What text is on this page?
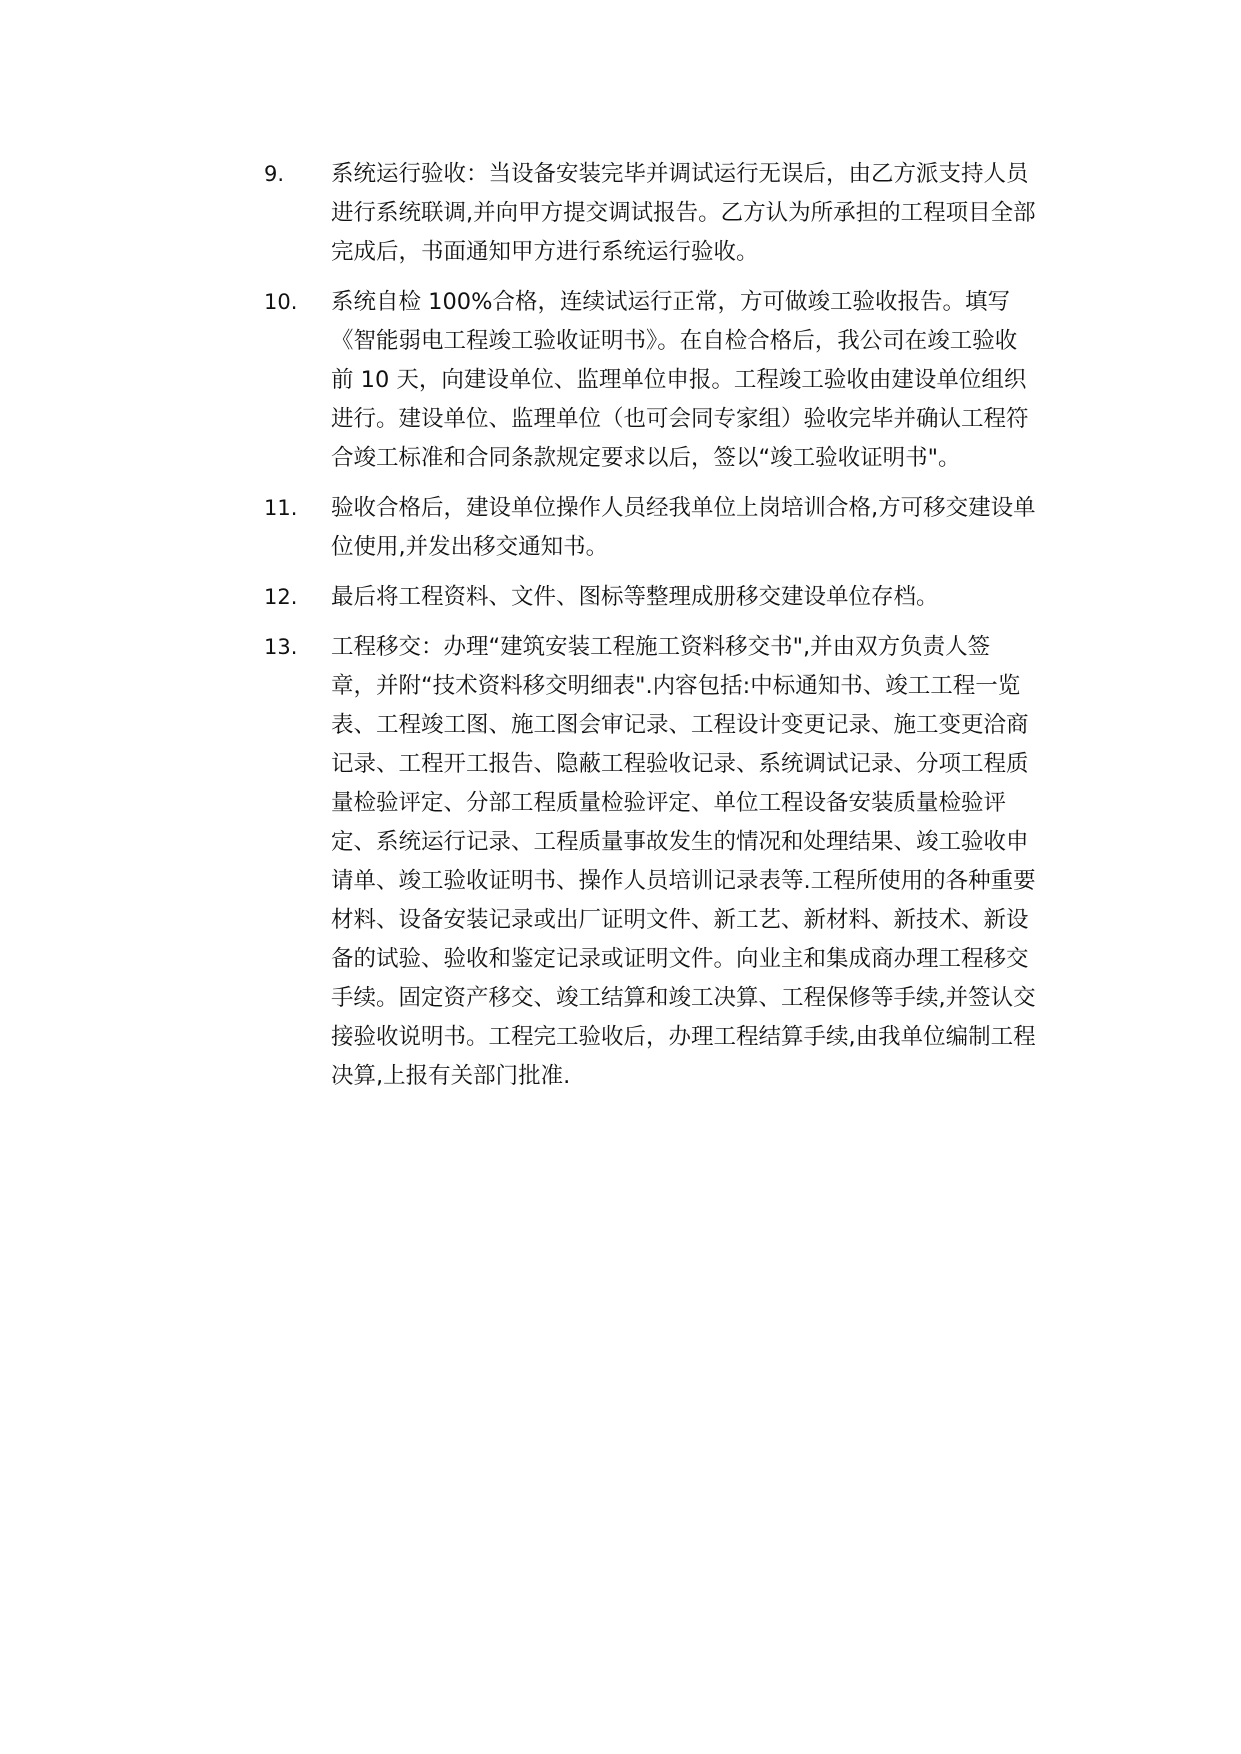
9.	系统运行验收：当设备安装完毕并调试运行无误后，由乙方派支持人员
进行系统联调,并向甲方提交调试报告。乙方认为所承担的工程项目全部
完成后，书面通知甲方进行系统运行验收。
10.	系统自检 100%合格，连续试运行正常，方可做竣工验收报告。填写
《智能弱电工程竣工验收证明书》。在自检合格后，我公司在竣工验收
前 10 天，向建设单位、监理单位申报。工程竣工验收由建设单位组织
进行。建设单位、监理单位（也可会同专家组）验收完毕并确认工程符
合竣工标准和合同条款规定要求以后，签以“竣工验收证明书"。
11.	验收合格后，建设单位操作人员经我单位上岗培训合格,方可移交建设单
位使用,并发出移交通知书。
12.	最后将工程资料、文件、图标等整理成册移交建设单位存档。
13.	工程移交：办理“建筑安装工程施工资料移交书",并由双方负责人签
章，并附“技术资料移交明细表".内容包括:中标通知书、竣工工程一览
表、工程竣工图、施工图会审记录、工程设计变更记录、施工变更洽商
记录、工程开工报告、隐蔽工程验收记录、系统调试记录、分项工程质
量检验评定、分部工程质量检验评定、单位工程设备安装质量检验评
定、系统运行记录、工程质量事故发生的情况和处理结果、竣工验收申
请单、竣工验收证明书、操作人员培训记录表等.工程所使用的各种重要
材料、设备安装记录或出厂证明文件、新工艺、新材料、新技术、新设
备的试验、验收和鉴定记录或证明文件。向业主和集成商办理工程移交
手续。固定资产移交、竣工结算和竣工决算、工程保修等手续,并签认交
接验收说明书。工程完工验收后，办理工程结算手续,由我单位编制工程
决算,上报有关部门批准.
